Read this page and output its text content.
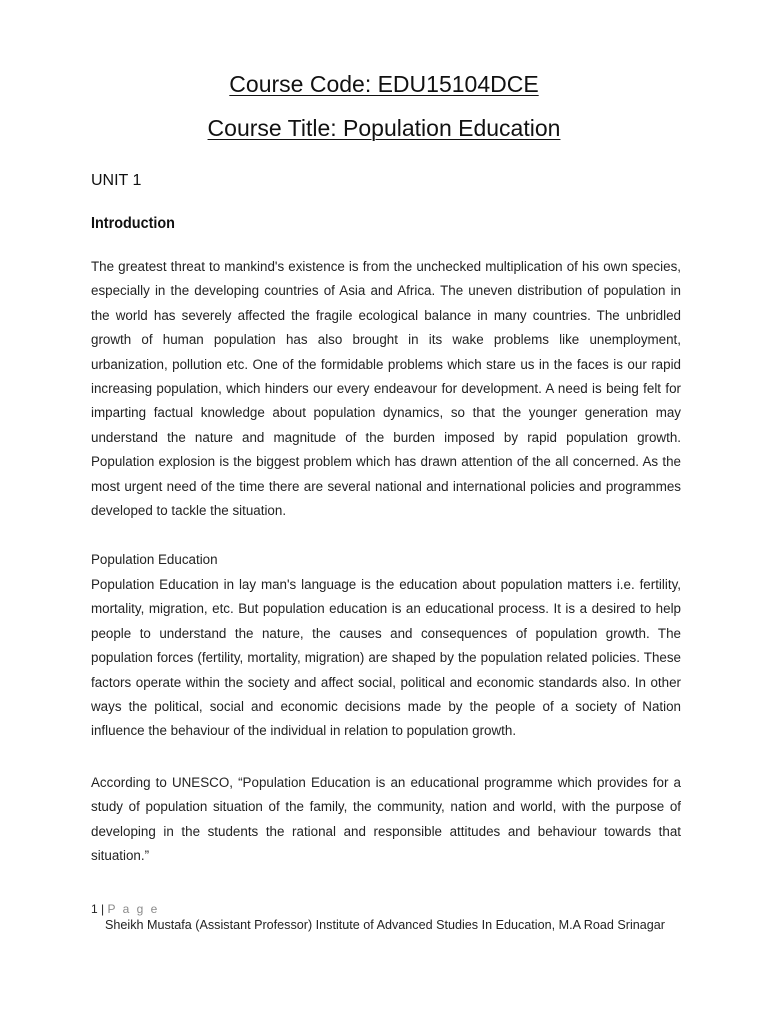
Course Code: EDU15104DCE
Course Title: Population Education
UNIT 1
Introduction

The greatest threat to mankind's existence is from the unchecked multiplication of his own species, especially in the developing countries of Asia and Africa. The uneven distribution of population in the world has severely affected the fragile ecological balance in many countries. The unbridled growth of human population has also brought in its wake problems like unemployment, urbanization, pollution etc. One of the formidable problems which stare us in the faces is our rapid increasing population, which hinders our every endeavour for development. A need is being felt for imparting factual knowledge about population dynamics, so that the younger generation may understand the nature and magnitude of the burden imposed by rapid population growth. Population explosion is the biggest problem which has drawn attention of the all concerned. As the most urgent need of the time there are several national and international policies and programmes developed to tackle the situation.

Population Education

Population Education in lay man's language is the education about population matters i.e. fertility, mortality, migration, etc. But population education is an educational process. It is a desired to help people to understand the nature, the causes and consequences of population growth. The population forces (fertility, mortality, migration) are shaped by the population related policies. These factors operate within the society and affect social, political and economic standards also. In other ways the political, social and economic decisions made by the people of a society of Nation influence the behaviour of the individual in relation to population growth.

According to UNESCO, “Population Education is an educational programme which provides for a study of population situation of the family, the community, nation and world, with the purpose of developing in the students the rational and responsible attitudes and behaviour towards that situation.”

1 | P a g e
Sheikh Mustafa (Assistant Professor) Institute of Advanced Studies In Education, M.A Road Srinagar
